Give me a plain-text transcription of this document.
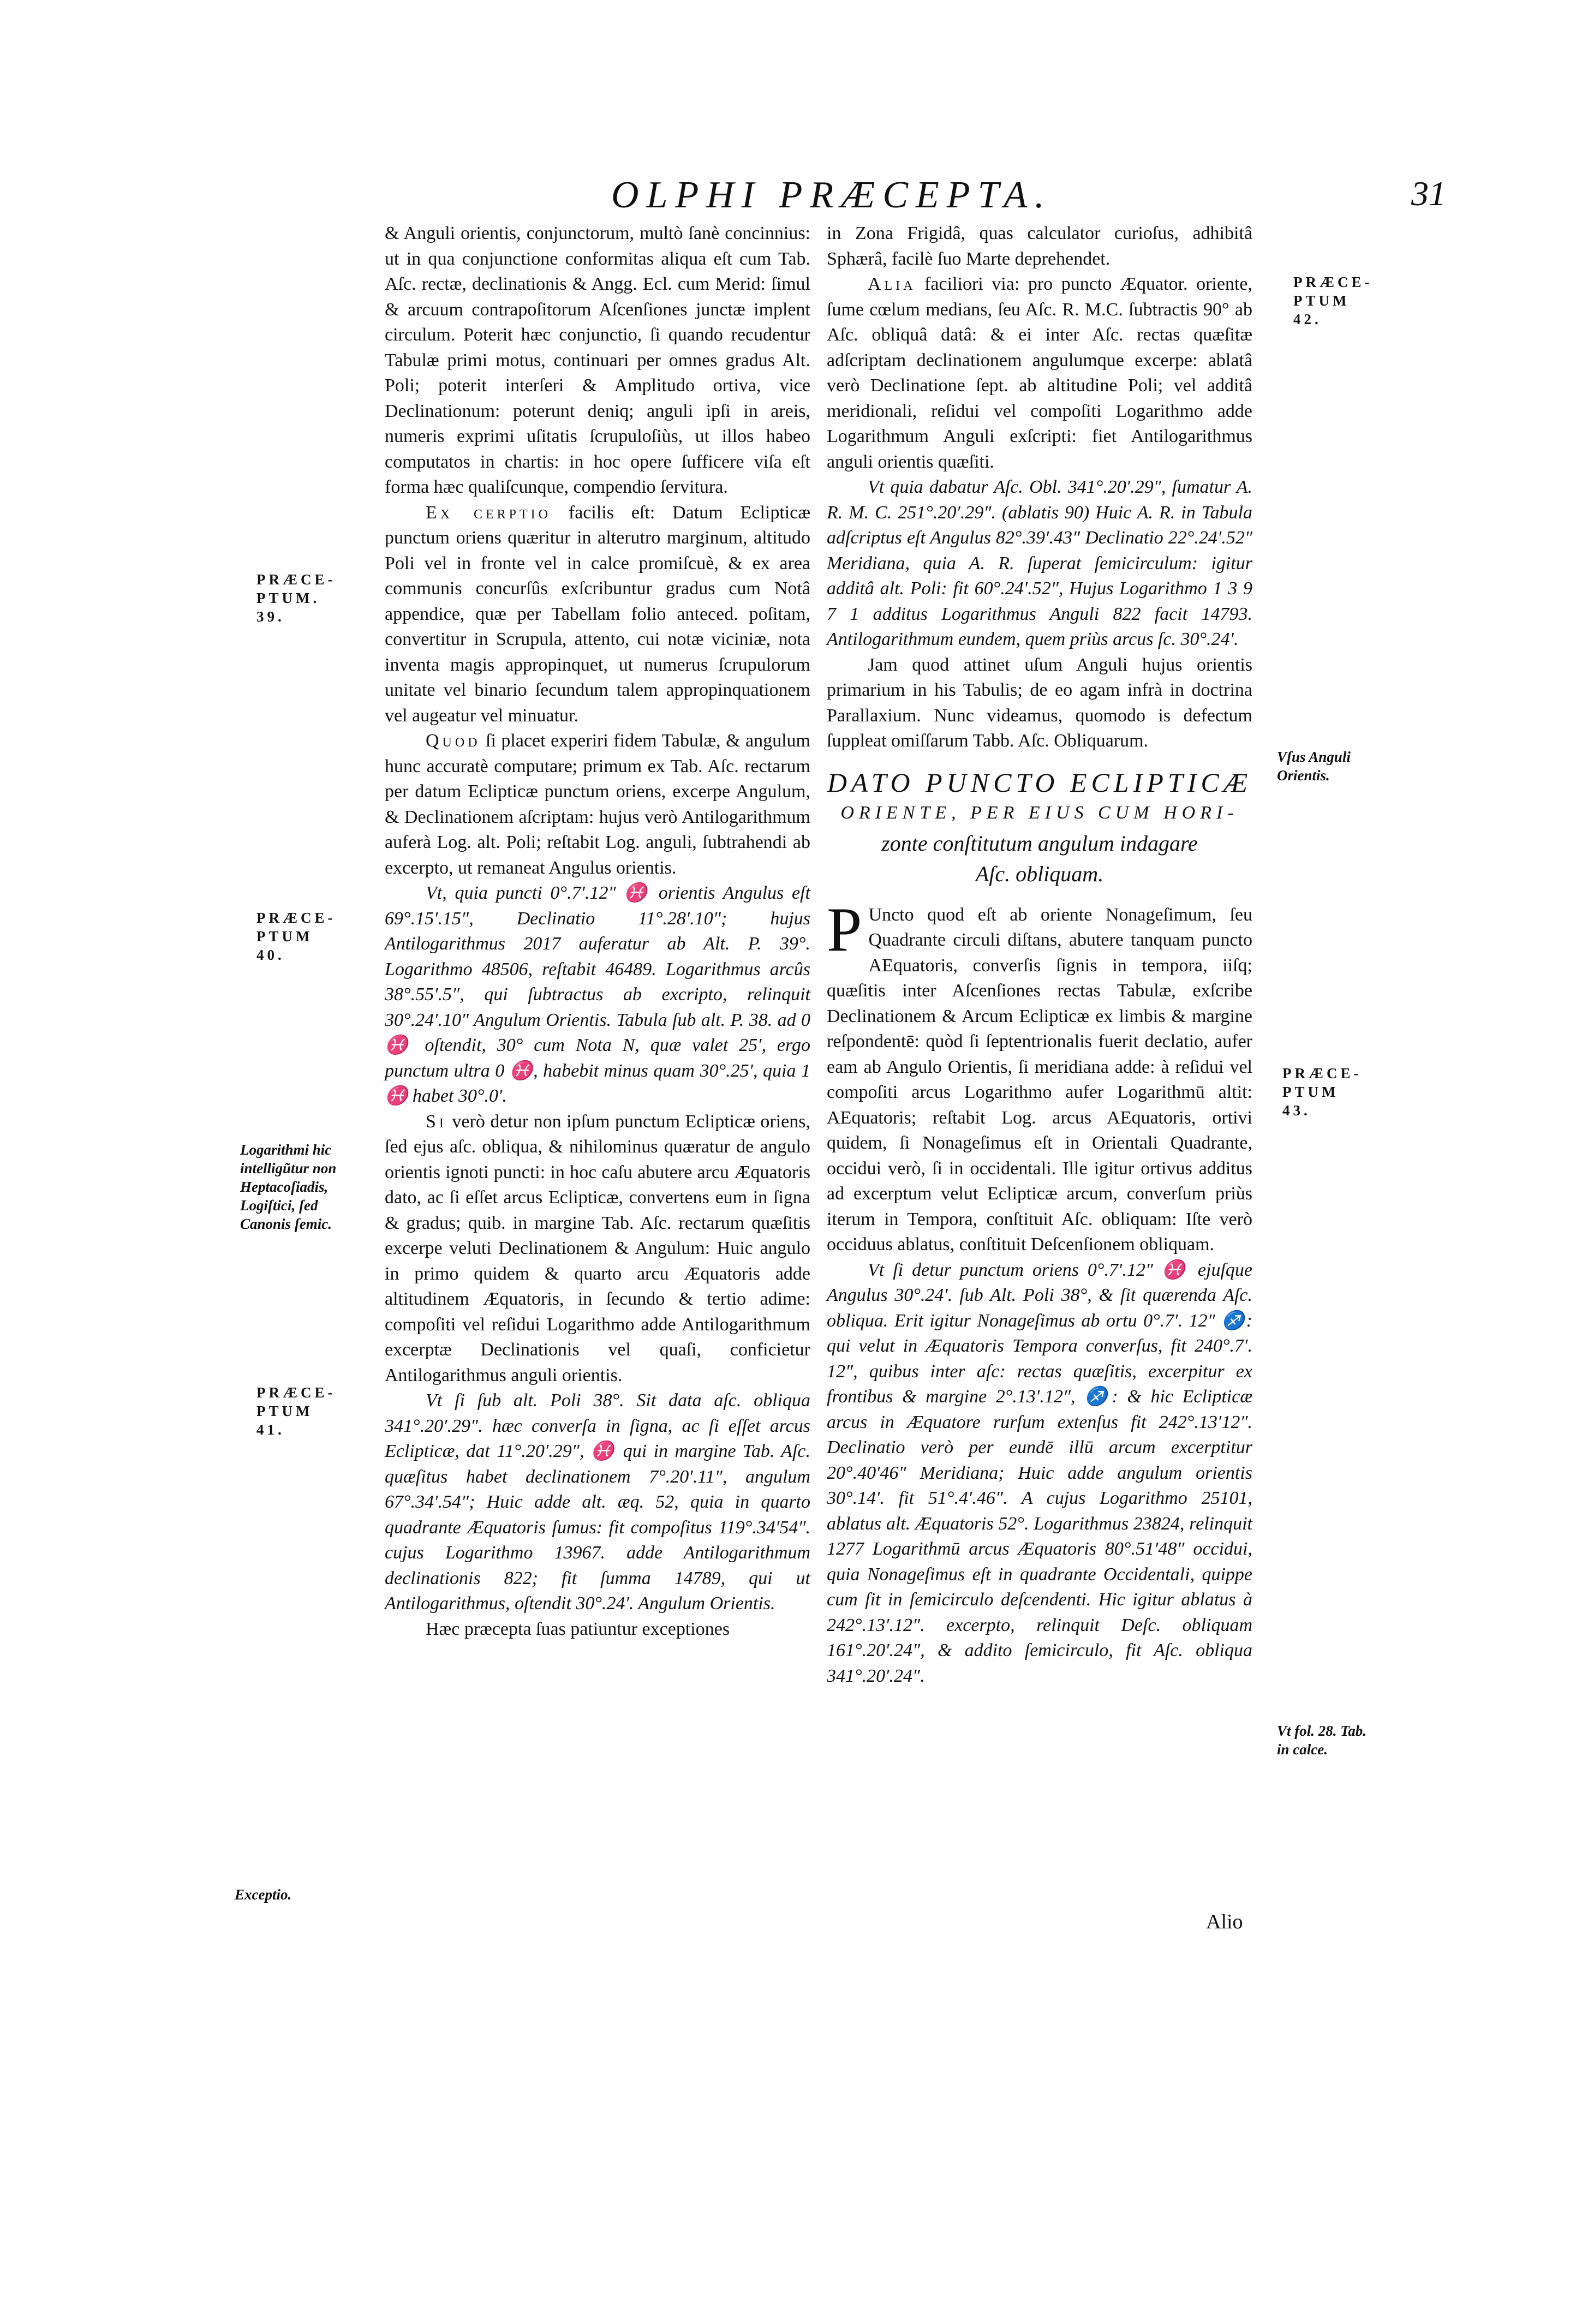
OLPHI PRÆCEPTA.	31

& Anguli orientis, conjunctorum, multò ſanè concinnius: ut in qua conjunctione conformitas aliqua eſt cum Tab. Aſc. rectæ, declinationis & Angg. Ecl. cum Merid: ſimul & arcuum contrapoſitorum Aſcenſiones junctæ implent circulum. Poterit hæc conjunctio, ſi quando recudentur Tabulæ primi motus, continuari per omnes gradus Alt. Poli; poterit interſeri & Amplitudo ortiva, vice Declinationum: poterunt deniq; anguli ipſi in areis, numeris exprimi uſitatis ſcrupuloſiùs, ut illos habeo computatos in chartis: in hoc opere ſufficere viſa eſt forma hæc qualiſcunque, compendio ſervitura.

Ex cerptio facilis eſt: Datum Eclipticæ punctum oriens quæritur in alterutro marginum, altitudo Poli vel in fronte vel in calce promiſcuè, & ex area communis concurſûs exſcribuntur gradus cum Notâ appendice, quæ per Tabellam folio anteced. poſitam, convertitur in Scrupula, attento, cui notæ viciniæ, nota inventa magis appropinquet, ut numerus ſcrupulorum unitate vel binario ſecundum talem appropinquationem vel augeatur vel minuatur.

Quod ſi placet experiri fidem Tabulæ, & angulum hunc accuratè computare; primum ex Tab. Aſc. rectarum per datum Eclipticæ punctum oriens, excerpe Angulum, & Declinationem aſcriptam: hujus verò Antilogarithmum auferà Log. alt. Poli; reſtabit Log. anguli, ſubtrahendi ab excerpto, ut remaneat Angulus orientis.

Vt, quia puncti 0°.7′.12″ ♓ orientis Angulus eſt 69°.15′.15″, Declinatio 11°.28′.10″; hujus Antilogarithmus 2017 auferatur ab Alt. P. 39°. Logarithmo 48506, reſtabit 46489. Logarithmus arcûs 38°.55′.5″, qui ſubtractus ab excripto, relinquit 30°.24′.10″ Angulum Orientis. Tabula ſub alt. P. 38. ad 0 ♓ oſtendit, 30° cum Nota N, quæ valet 25′, ergo punctum ultra 0 ♓, habebit minus quam 30°.25′, quia 1 ♓ habet 30°.0′.

Si verò detur non ipſum punctum Eclipticæ oriens, ſed ejus aſc. obliqua, & nihilominus quæratur de angulo orientis ignoti puncti: in hoc caſu abutere arcu Æquatoris dato, ac ſi eſſet arcus Eclipticæ, convertens eum in ſigna & gradus; quib. in margine Tab. Aſc. rectarum quæſitis excerpe veluti Declinationem & Angulum: Huic angulo in primo quidem & quarto arcu Æquatoris adde altitudinem Æquatoris, in ſecundo & tertio adime: compoſiti vel reſidui Logarithmo adde Antilogarithmum excerptæ Declinationis vel quaſi, conficietur Antilogarithmus anguli orientis.

Vt ſi ſub alt. Poli 38°. Sit data aſc. obliqua 341°.20′.29″. hæc converſa in ſigna, ac ſi eſſet arcus Eclipticæ, dat 11°.20′.29″, ♓ qui in margine Tab. Aſc. quæſitus habet declinationem 7°.20′.11″, angulum 67°.34′.54″; Huic adde alt. æq. 52, quia in quarto quadrante Æquatoris ſumus: fit compoſitus 119°.34′54″. cujus Logarithmo 13967. adde Antilogarithmum declinationis 822; fit ſumma 14789, qui ut Antilogarithmus, oſtendit 30°.24′. Angulum Orientis.

Hæc præcepta ſuas patiuntur exceptiones

in Zona Frigidâ, quas calculator curioſus, adhibitâ Sphærâ, facilè ſuo Marte deprehendet.

Alia faciliori via: pro puncto Æquator. oriente, ſume cœlum medians, ſeu Aſc. R. M.C. ſubtractis 90° ab Aſc. obliquâ datâ: & ei inter Aſc. rectas quæſitæ adſcriptam declinationem angulumque excerpe: ablatâ verò Declinatione ſept. ab altitudine Poli; vel additâ meridionali, reſidui vel compoſiti Logarithmo adde Logarithmum Anguli exſcripti: fiet Antilogarithmus anguli orientis quæſiti.

Vt quia dabatur Aſc. Obl. 341°.20′.29″, ſumatur A. R. M. C. 251°.20′.29″. (ablatis 90) Huic A. R. in Tabula adſcriptus eſt Angulus 82°.39′.43″ Declinatio 22°.24′.52″ Meridiana, quia A. R. ſuperat ſemicirculum: igitur additâ alt. Poli: fit 60°.24′.52″, Hujus Logarithmo 1 3 9 7 1 additus Logarithmus Anguli 822 facit 14793. Antilogarithmum eundem, quem priùs arcus ſc. 30°.24′.

Jam quod attinet uſum Anguli hujus orientis primarium in his Tabulis; de eo agam infrà in doctrina Parallaxium. Nunc videamus, quomodo is defectum ſuppleat omiſſarum Tabb. Aſc. Obliquarum.

DATO PUNCTO ECLIPTICÆ

ORIENTE, PER EIUS CUM HORI-

zonte conſtitutum angulum indagare

Aſc. obliquam.

P Uncto quod eſt ab oriente Nonageſimum, ſeu Quadrante circuli diſtans, abutere tanquam puncto AEquatoris, converſis ſignis in tempora, iiſq; quæſitis inter Aſcenſiones rectas Tabulæ, exſcribe Declinationem & Arcum Eclipticæ ex limbis & margine reſpondentē: quòd ſi ſeptentrionalis fuerit declatio, aufer eam ab Angulo Orientis, ſi meridiana adde: à reſidui vel compoſiti arcus Logarithmo aufer Logarithmū altit: AEquatoris; reſtabit Log. arcus AEquatoris, ortivi quidem, ſi Nonageſimus eſt in Orientali Quadrante, occidui verò, ſi in occidentali. Ille igitur ortivus additus ad excerptum velut Eclipticæ arcum, converſum priùs iterum in Tempora, conſtituit Aſc. obliquam: Iſte verò occiduus ablatus, conſtituit Deſcenſionem obliquam.

Vt ſi detur punctum oriens 0°.7′.12″ ♓ ejuſque Angulus 30°.24′. ſub Alt. Poli 38°, & ſit quærenda Aſc. obliqua. Erit igitur Nonageſimus ab ortu 0°.7′. 12″ ♐: qui velut in Æquatoris Tempora converſus, fit 240°.7′. 12″, quibus inter aſc: rectas quæſitis, excerpitur ex frontibus & margine 2°.13′.12″, ♐: & hic Eclipticæ arcus in Æquatore rurſum extenſus fit 242°.13′12″. Declinatio verò per eundē illū arcum excerptitur 20°.40′46″ Meridiana; Huic adde angulum orientis 30°.14′. fit 51°.4′.46″. A cujus Logarithmo 25101, ablatus alt. Æquatoris 52°. Logarithmus 23824, relinquit 1277 Logarithmū arcus Æquatoris 80°.51′48″ occidui, quia Nonageſimus eſt in quadrante Occidentali, quippe cum ſit in ſemicirculo deſcendenti. Hic igitur ablatus à 242°.13′.12″. excerpto, relinquit Deſc. obliquam 161°.20′.24″, & addito ſemicirculo, fit Aſc. obliqua 341°.20′.24″.

PRÆCE- PTUM. 39.
PRÆCE- PTUM 40.
Logarithmi hic intelligũtur non Heptacoſiadis, Logiſtici, ſed Canonis ſemic.
PRÆCE- PTUM 41.
Exceptio.
PRÆCE- PTUM 42.
Vſus Anguli Orientis.
PRÆCE- PTUM 43.
Vt fol. 28. Tab. in calce.
Alio
